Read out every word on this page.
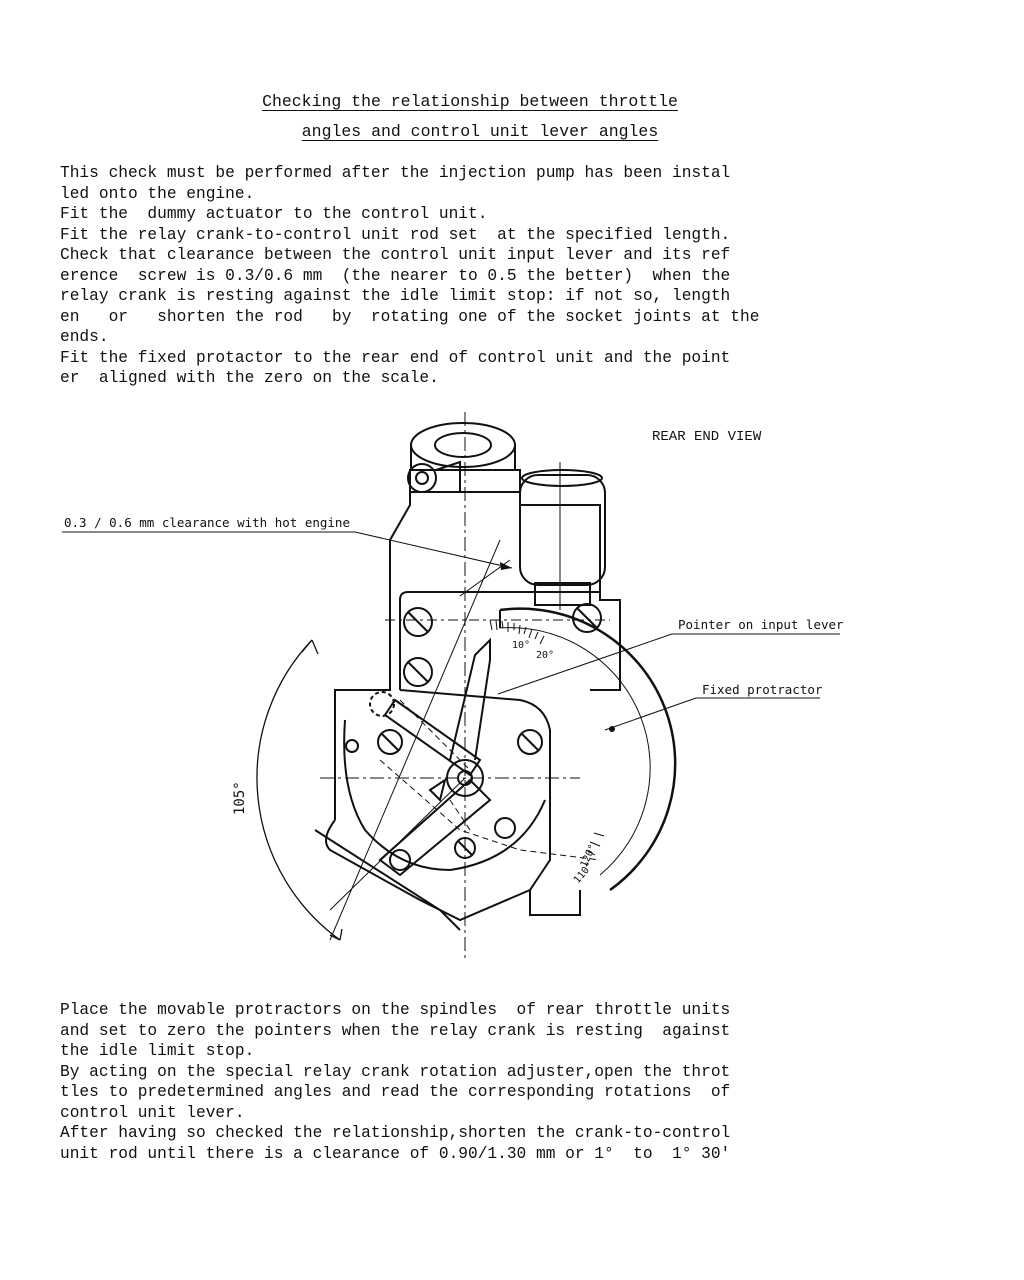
Checking the relationship between throttle
angles and control unit lever angles
This check must be performed after the injection pump has been instal
led onto the engine.
Fit the  dummy actuator to the control unit.
Fit the relay crank-to-control unit rod set  at the specified length.
Check that clearance between the control unit input lever and its ref
erence  screw is 0.3/0.6 mm  (the nearer to 0.5 the better)  when the
relay crank is resting against the idle limit stop: if not so, length
en   or   shorten the rod   by  rotating one of the socket joints at the
ends.
Fit the fixed protactor to the rear end of control unit and the point
er  aligned with the zero on the scale.
REAR END VIEW
0.3 / 0.6 mm clearance with hot engine
Pointer on input lever
Fixed protractor
105°
10°
20°
120°
110°
Place the movable protractors on the spindles  of rear throttle units
and set to zero the pointers when the relay crank is resting  against
the idle limit stop.
By acting on the special relay crank rotation adjuster,open the throt
tles to predetermined angles and read the corresponding rotations  of
control unit lever.
After having so checked the relationship,shorten the crank-to-control
unit rod until there is a clearance of 0.90/1.30 mm or 1°  to  1° 30'
